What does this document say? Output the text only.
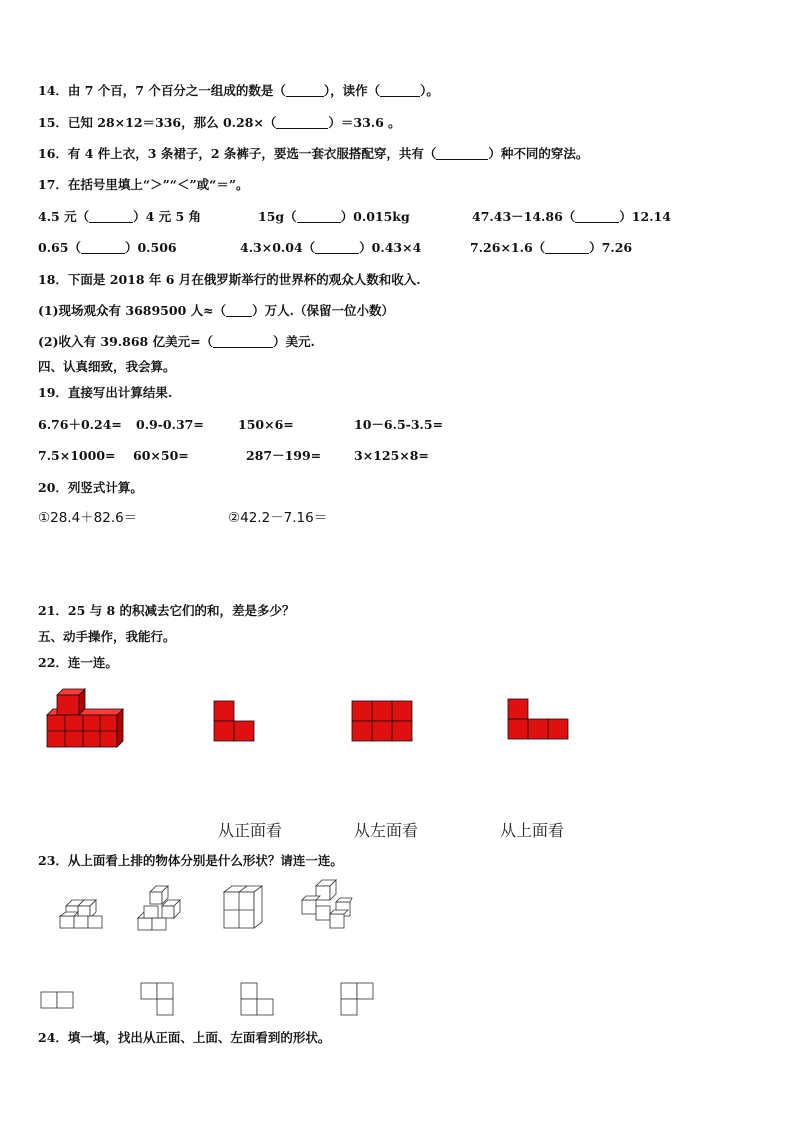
14．由 7 个百，7 个百分之一组成的数是（	），读作（	）。
15．已知 28×12＝336，那么 0.28×（	）＝33.6 。
16．有 4 件上衣，3 条裙子，2 条裤子，要选一套衣服搭配穿，共有（	）种不同的穿法。
17．在括号里填上“＞”“＜”或“＝”。
4.5 元（	）4 元 5 角	15g（	）0.015kg	47.43－14.86（	）12.14
0.65（	）0.506	4.3×0.04（	）0.43×4	7.26×1.6（	）7.26
18．下面是 2018 年 6 月在俄罗斯举行的世界杯的观众人数和收入.
(1)现场观众有 3689500 人≈（ ）万人.（保留一位小数）
(2)收入有 39.868 亿美元=（	）美元.
四、认真细致，我会算。
19．直接写出计算结果.
6.76＋0.24= 0.9-0.37=	150×6=	10－6.5-3.5=
7.5×1000= 60×50=	287－199=	3×125×8=
20．列竖式计算。
①28.4＋82.6＝	②42.2－7.16＝
21．25 与 8 的积减去它们的和，差是多少？
五、动手操作，我能行。
22．连一连。
从正面看	从左面看	从上面看
23．从上面看上排的物体分别是什么形状？请连一连。
24．填一填，找出从正面、上面、左面看到的形状。
